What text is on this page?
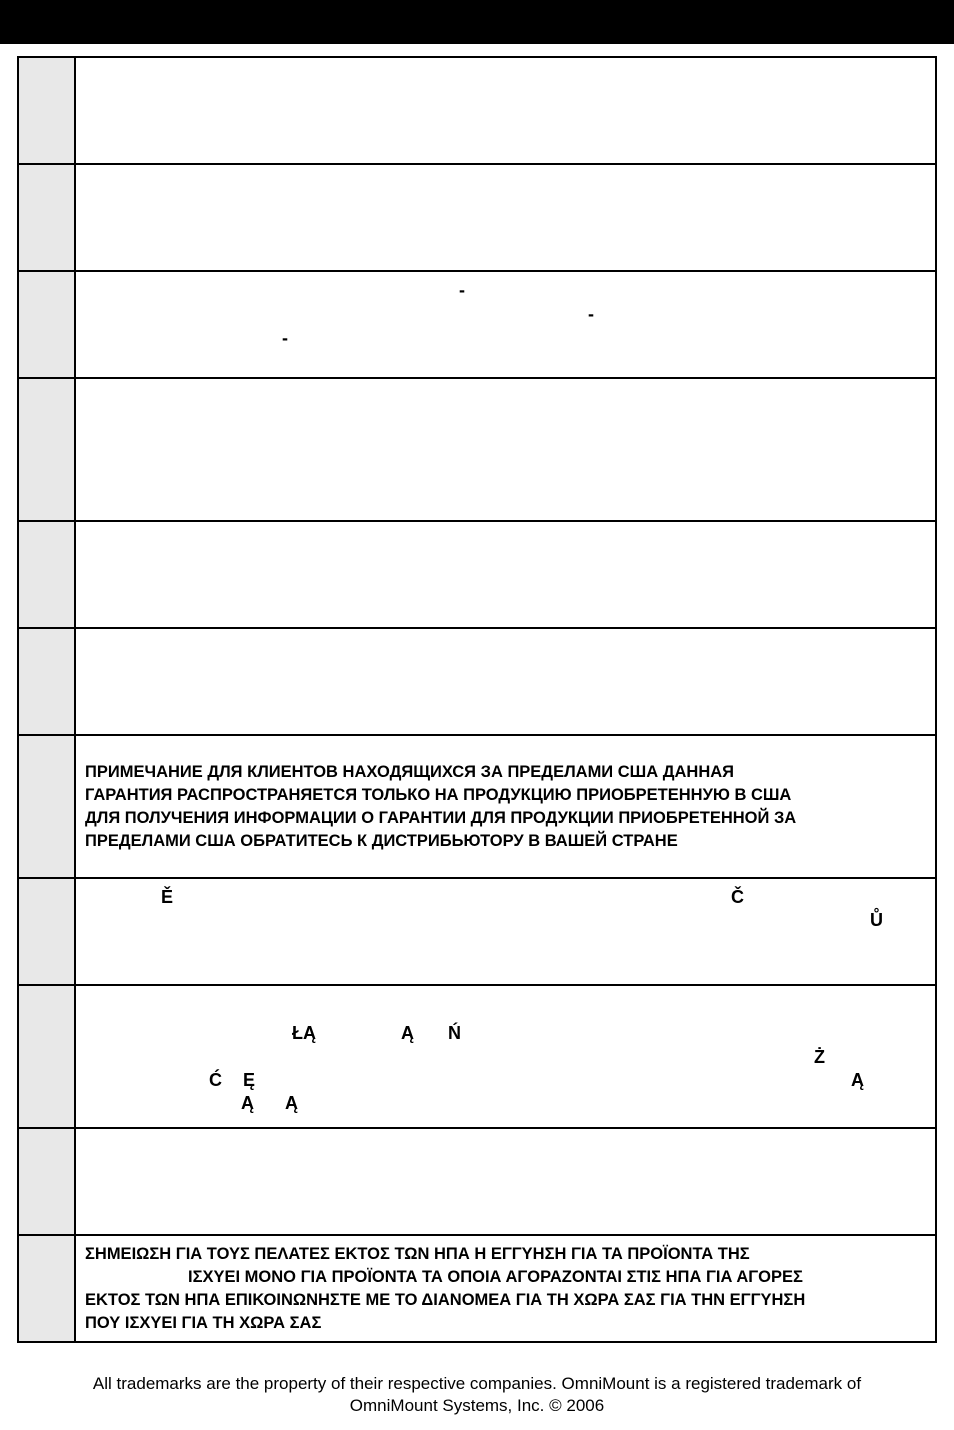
-
-
-
ПРИМЕЧАНИЕ ДЛЯ КЛИЕНТОВ НАХОДЯЩИХСЯ ЗА ПРЕДЕЛАМИ США ДАННАЯ
ГАРАНТИЯ РАСПРОСТРАНЯЕТСЯ ТОЛЬКО НА ПРОДУКЦИЮ ПРИОБРЕТЕННУЮ В США
ДЛЯ ПОЛУЧЕНИЯ ИНФОРМАЦИИ О ГАРАНТИИ ДЛЯ ПРОДУКЦИИ ПРИОБРЕТЕННОЙ ЗА
ПРЕДЕЛАМИ США ОБРАТИТЕСЬ К ДИСТРИБЬЮТОРУ В ВАШЕЙ СТРАНЕ
Ě	Č
Ů
ŁĄ	Ą Ń
Ż
Ć Ę	Ą
Ą Ą
ΣΗΜΕΙΩΣΗ ΓΙΑ ΤΟΥΣ ΠΕΛΑΤΕΣ ΕΚΤΟΣ ΤΩΝ ΗΠΑ Η ΕΓΓΥΗΣΗ ΓΙΑ ΤΑ ΠΡΟΪΟΝΤΑ ΤΗΣ
ΙΣΧΥΕΙ ΜΟΝΟ ΓΙΑ ΠΡΟΪΟΝΤΑ ΤΑ ΟΠΟΙΑ ΑΓΟΡΑΖΟΝΤΑΙ ΣΤΙΣ ΗΠΑ ΓΙΑ ΑΓΟΡΕΣ
ΕΚΤΟΣ ΤΩΝ ΗΠΑ ΕΠΙΚΟΙΝΩΝΗΣΤΕ ΜΕ ΤΟ ΔΙΑΝΟΜΕΑ ΓΙΑ ΤΗ ΧΩΡΑ ΣΑΣ ΓΙΑ ΤΗΝ ΕΓΓΥΗΣΗ
ΠΟΥ ΙΣΧΥΕΙ ΓΙΑ ΤΗ ΧΩΡΑ ΣΑΣ
All trademarks are the property of their respective companies. OmniMount is a registered trademark of
OmniMount Systems, Inc. © 2006
